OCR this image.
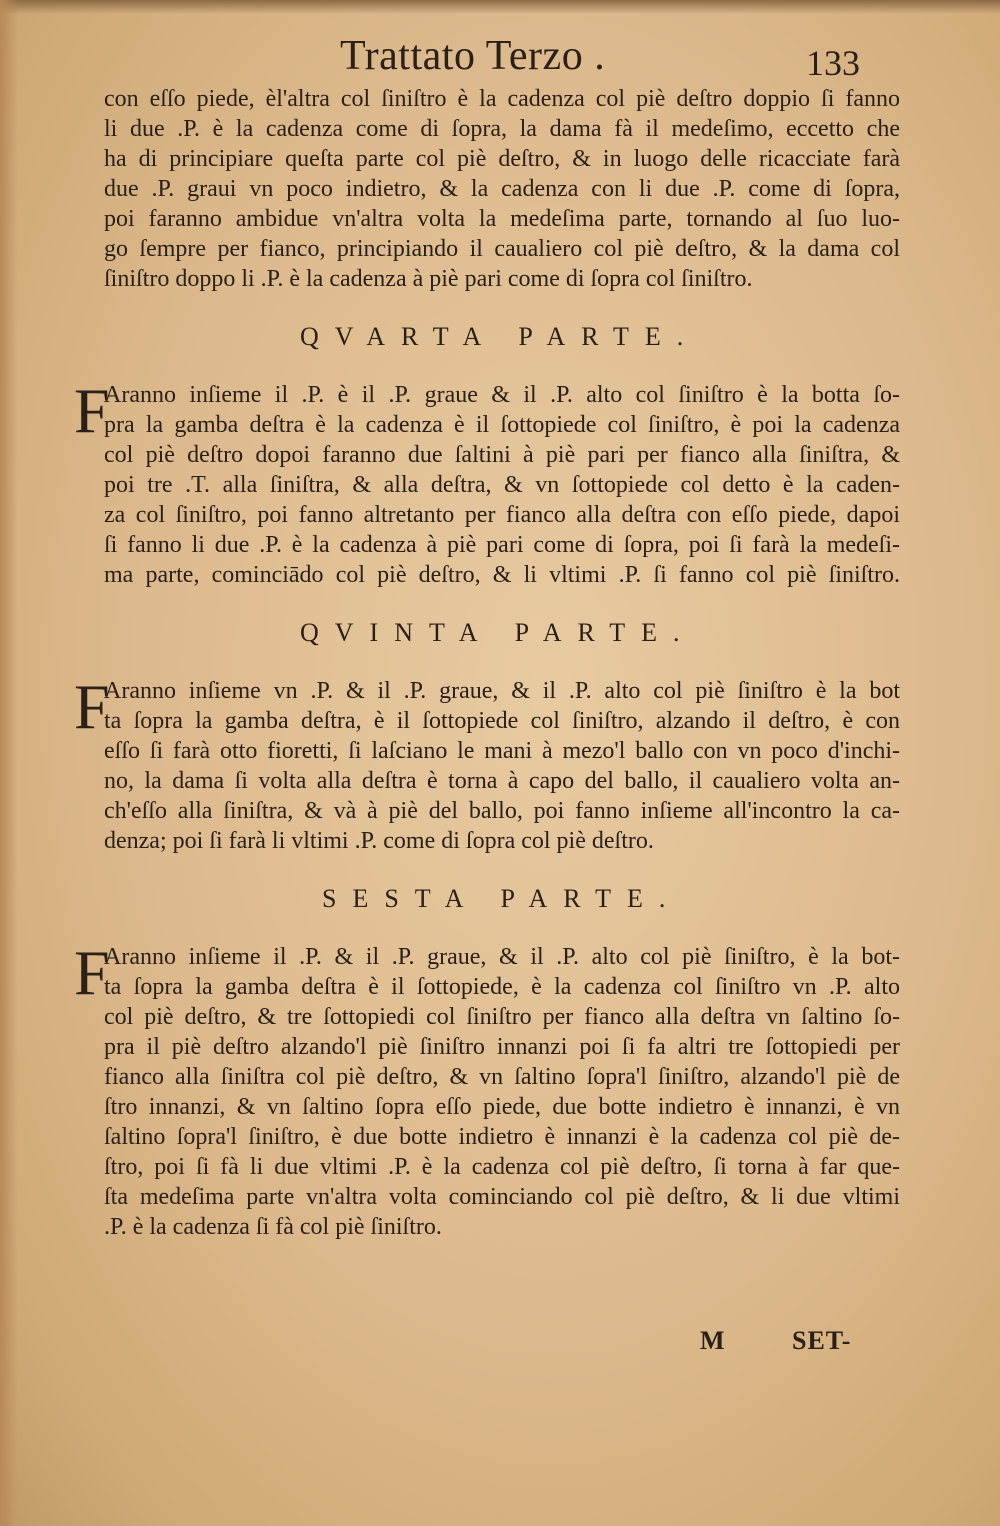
Trattato Terzo .	133
con eſſo piede, èl'altra col ſiniſtro è la cadenza col piè deſtro doppio ſi fanno
li due .P. è la cadenza come di ſopra, la dama fà il medeſimo, eccetto che
ha di principiare queſta parte col piè deſtro, & in luogo delle ricacciate farà
due .P. graui vn poco indietro, & la cadenza con li due .P. come di ſopra,
poi faranno ambidue vn'altra volta la medeſima parte, tornando al ſuo luo-
go ſempre per fianco, principiando il caualiero col piè deſtro, & la dama col
ſiniſtro doppo li .P. è la cadenza à piè pari come di ſopra col ſiniſtro.
QVARTA PARTE.
F
Aranno inſieme il .P. è il .P. graue & il .P. alto col ſiniſtro è la botta ſo-
pra la gamba deſtra è la cadenza è il ſottopiede col ſiniſtro, è poi la cadenza
col piè deſtro dopoi faranno due ſaltini à piè pari per fianco alla ſiniſtra, &
poi tre .T. alla ſiniſtra, & alla deſtra, & vn ſottopiede col detto è la caden-
za col ſiniſtro, poi fanno altretanto per fianco alla deſtra con eſſo piede, dapoi
ſi fanno li due .P. è la cadenza à piè pari come di ſopra, poi ſi farà la medeſi-
ma parte, cominciādo col piè deſtro, & li vltimi .P. ſi fanno col piè ſiniſtro.
QVINTA PARTE.
F
Aranno inſieme vn .P. & il .P. graue, & il .P. alto col piè ſiniſtro è la bot
ta ſopra la gamba deſtra, è il ſottopiede col ſiniſtro, alzando il deſtro, è con
eſſo ſi farà otto fioretti, ſi laſciano le mani à mezo'l ballo con vn poco d'inchi-
no, la dama ſi volta alla deſtra è torna à capo del ballo, il caualiero volta an-
ch'eſſo alla ſiniſtra, & và à piè del ballo, poi fanno inſieme all'incontro la ca-
denza; poi ſi farà li vltimi .P. come di ſopra col piè deſtro.
SESTA PARTE.
F
Aranno inſieme il .P. & il .P. graue, & il .P. alto col piè ſiniſtro, è la bot-
ta ſopra la gamba deſtra è il ſottopiede, è la cadenza col ſiniſtro vn .P. alto
col piè deſtro, & tre ſottopiedi col ſiniſtro per fianco alla deſtra vn ſaltino ſo-
pra il piè deſtro alzando'l piè ſiniſtro innanzi poi ſi fa altri tre ſottopiedi per
fianco alla ſiniſtra col piè deſtro, & vn ſaltino ſopra'l ſiniſtro, alzando'l piè de
ſtro innanzi, & vn ſaltino ſopra eſſo piede, due botte indietro è innanzi, è vn
ſaltino ſopra'l ſiniſtro, è due botte indietro è innanzi è la cadenza col piè de-
ſtro, poi ſi fà li due vltimi .P. è la cadenza col piè deſtro, ſi torna à far que-
ſta medeſima parte vn'altra volta cominciando col piè deſtro, & li due vltimi
.P. è la cadenza ſi fà col piè ſiniſtro.
M	SET-
